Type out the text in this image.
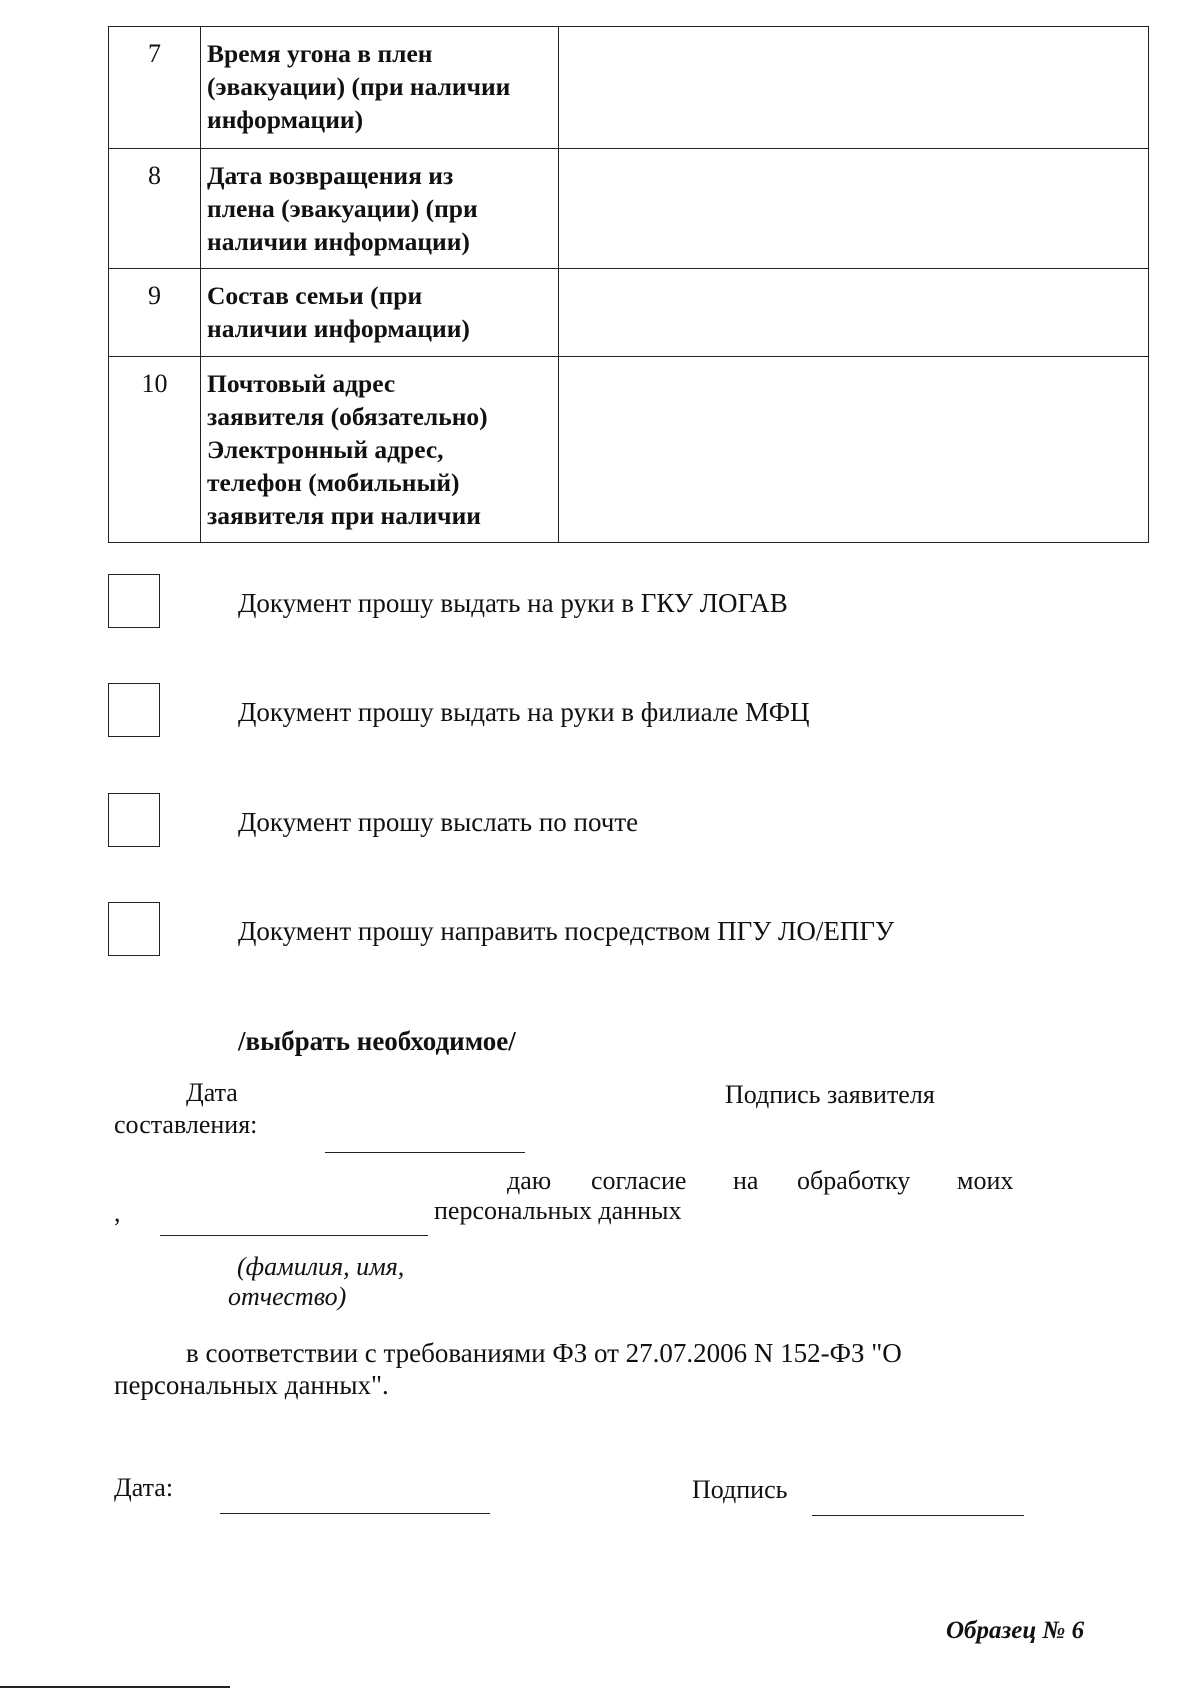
7	Время угона в плен
(эвакуации) (при наличии
информации)	

8	Дата возвращения из
плена (эвакуации) (при
наличии информации)	

9	Состав семьи (при
наличии информации)	

10	Почтовый адрес
заявителя (обязательно)
Электронный адрес,
телефон (мобильный)
заявителя при наличии	

Документ прошу выдать на руки в ГКУ ЛОГАВ
Документ прошу выдать на руки в филиале МФЦ
Документ прошу выслать по почте
Документ прошу направить посредством ПГУ ЛО/ЕПГУ
/выбрать необходимое/
Дата
составления:
Подпись заявителя
даю согласие на обработку моих
,	персональных данных
(фамилия, имя,
отчество)
в соответствии с требованиями ФЗ от 27.07.2006 N 152-ФЗ "О
персональных данных".
Дата:	Подпись
Образец № 6
